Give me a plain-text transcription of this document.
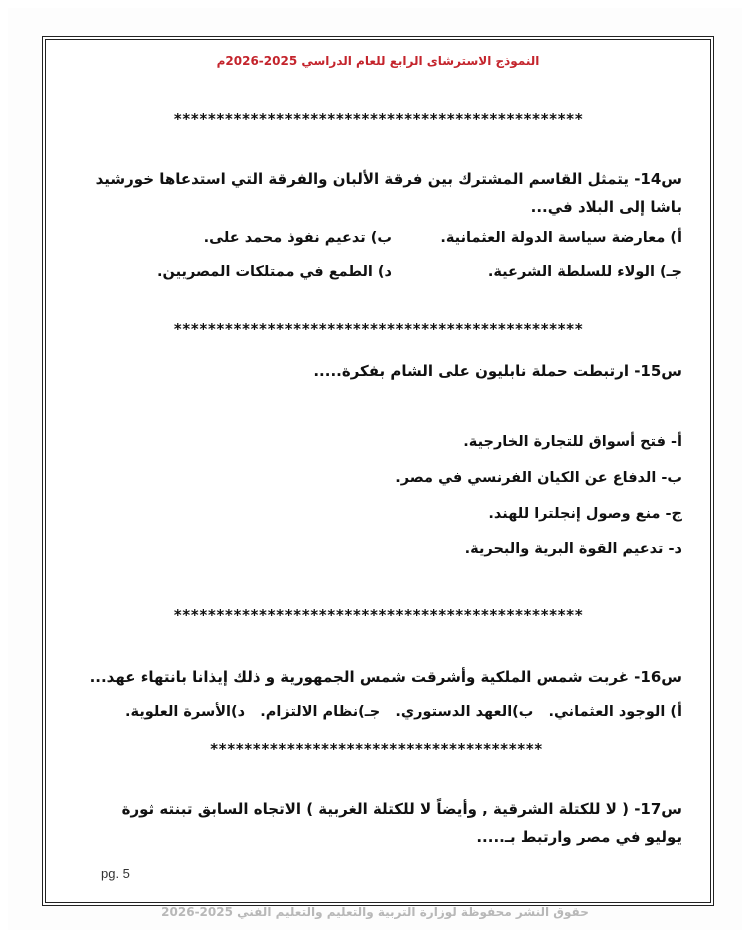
النموذج الاسترشاى الرابع للعام الدراسي 2025-2026م
************************************************
س14- يتمثل القاسم المشترك بين فرقة الألبان والفرقة التي استدعاها خورشيد باشا إلى البلاد في...
أ) معارضة سياسة الدولة العثمانية.
ب) تدعيم نفوذ محمد على.
جـ) الولاء للسلطة الشرعية.
د) الطمع في ممتلكات المصريين.
************************************************
س15- ارتبطت حملة نابليون على الشام بفكرة.....
أ- فتح أسواق للتجارة الخارجية.
ب- الدفاع عن الكيان الفرنسي في مصر.
ج- منع وصول إنجلترا للهند.
د- تدعيم القوة البرية والبحرية.
************************************************
س16- غربت شمس الملكية وأشرقت شمس الجمهورية و ذلك إيذانا بانتهاء عهد...
أ) الوجود العثماني.   ب)العهد الدستوري.   جـ)نظام الالتزام.   د)الأسرة العلوية.
***************************************
س17- ( لا للكتلة الشرقية , وأيضاً لا للكتلة الغربية ) الاتجاه السابق تبنته ثورة يوليو في مصر وارتبط بـ.....
pg. 5
حقوق النشر محفوظة لوزارة التربية والتعليم والتعليم الفني 2025-2026
